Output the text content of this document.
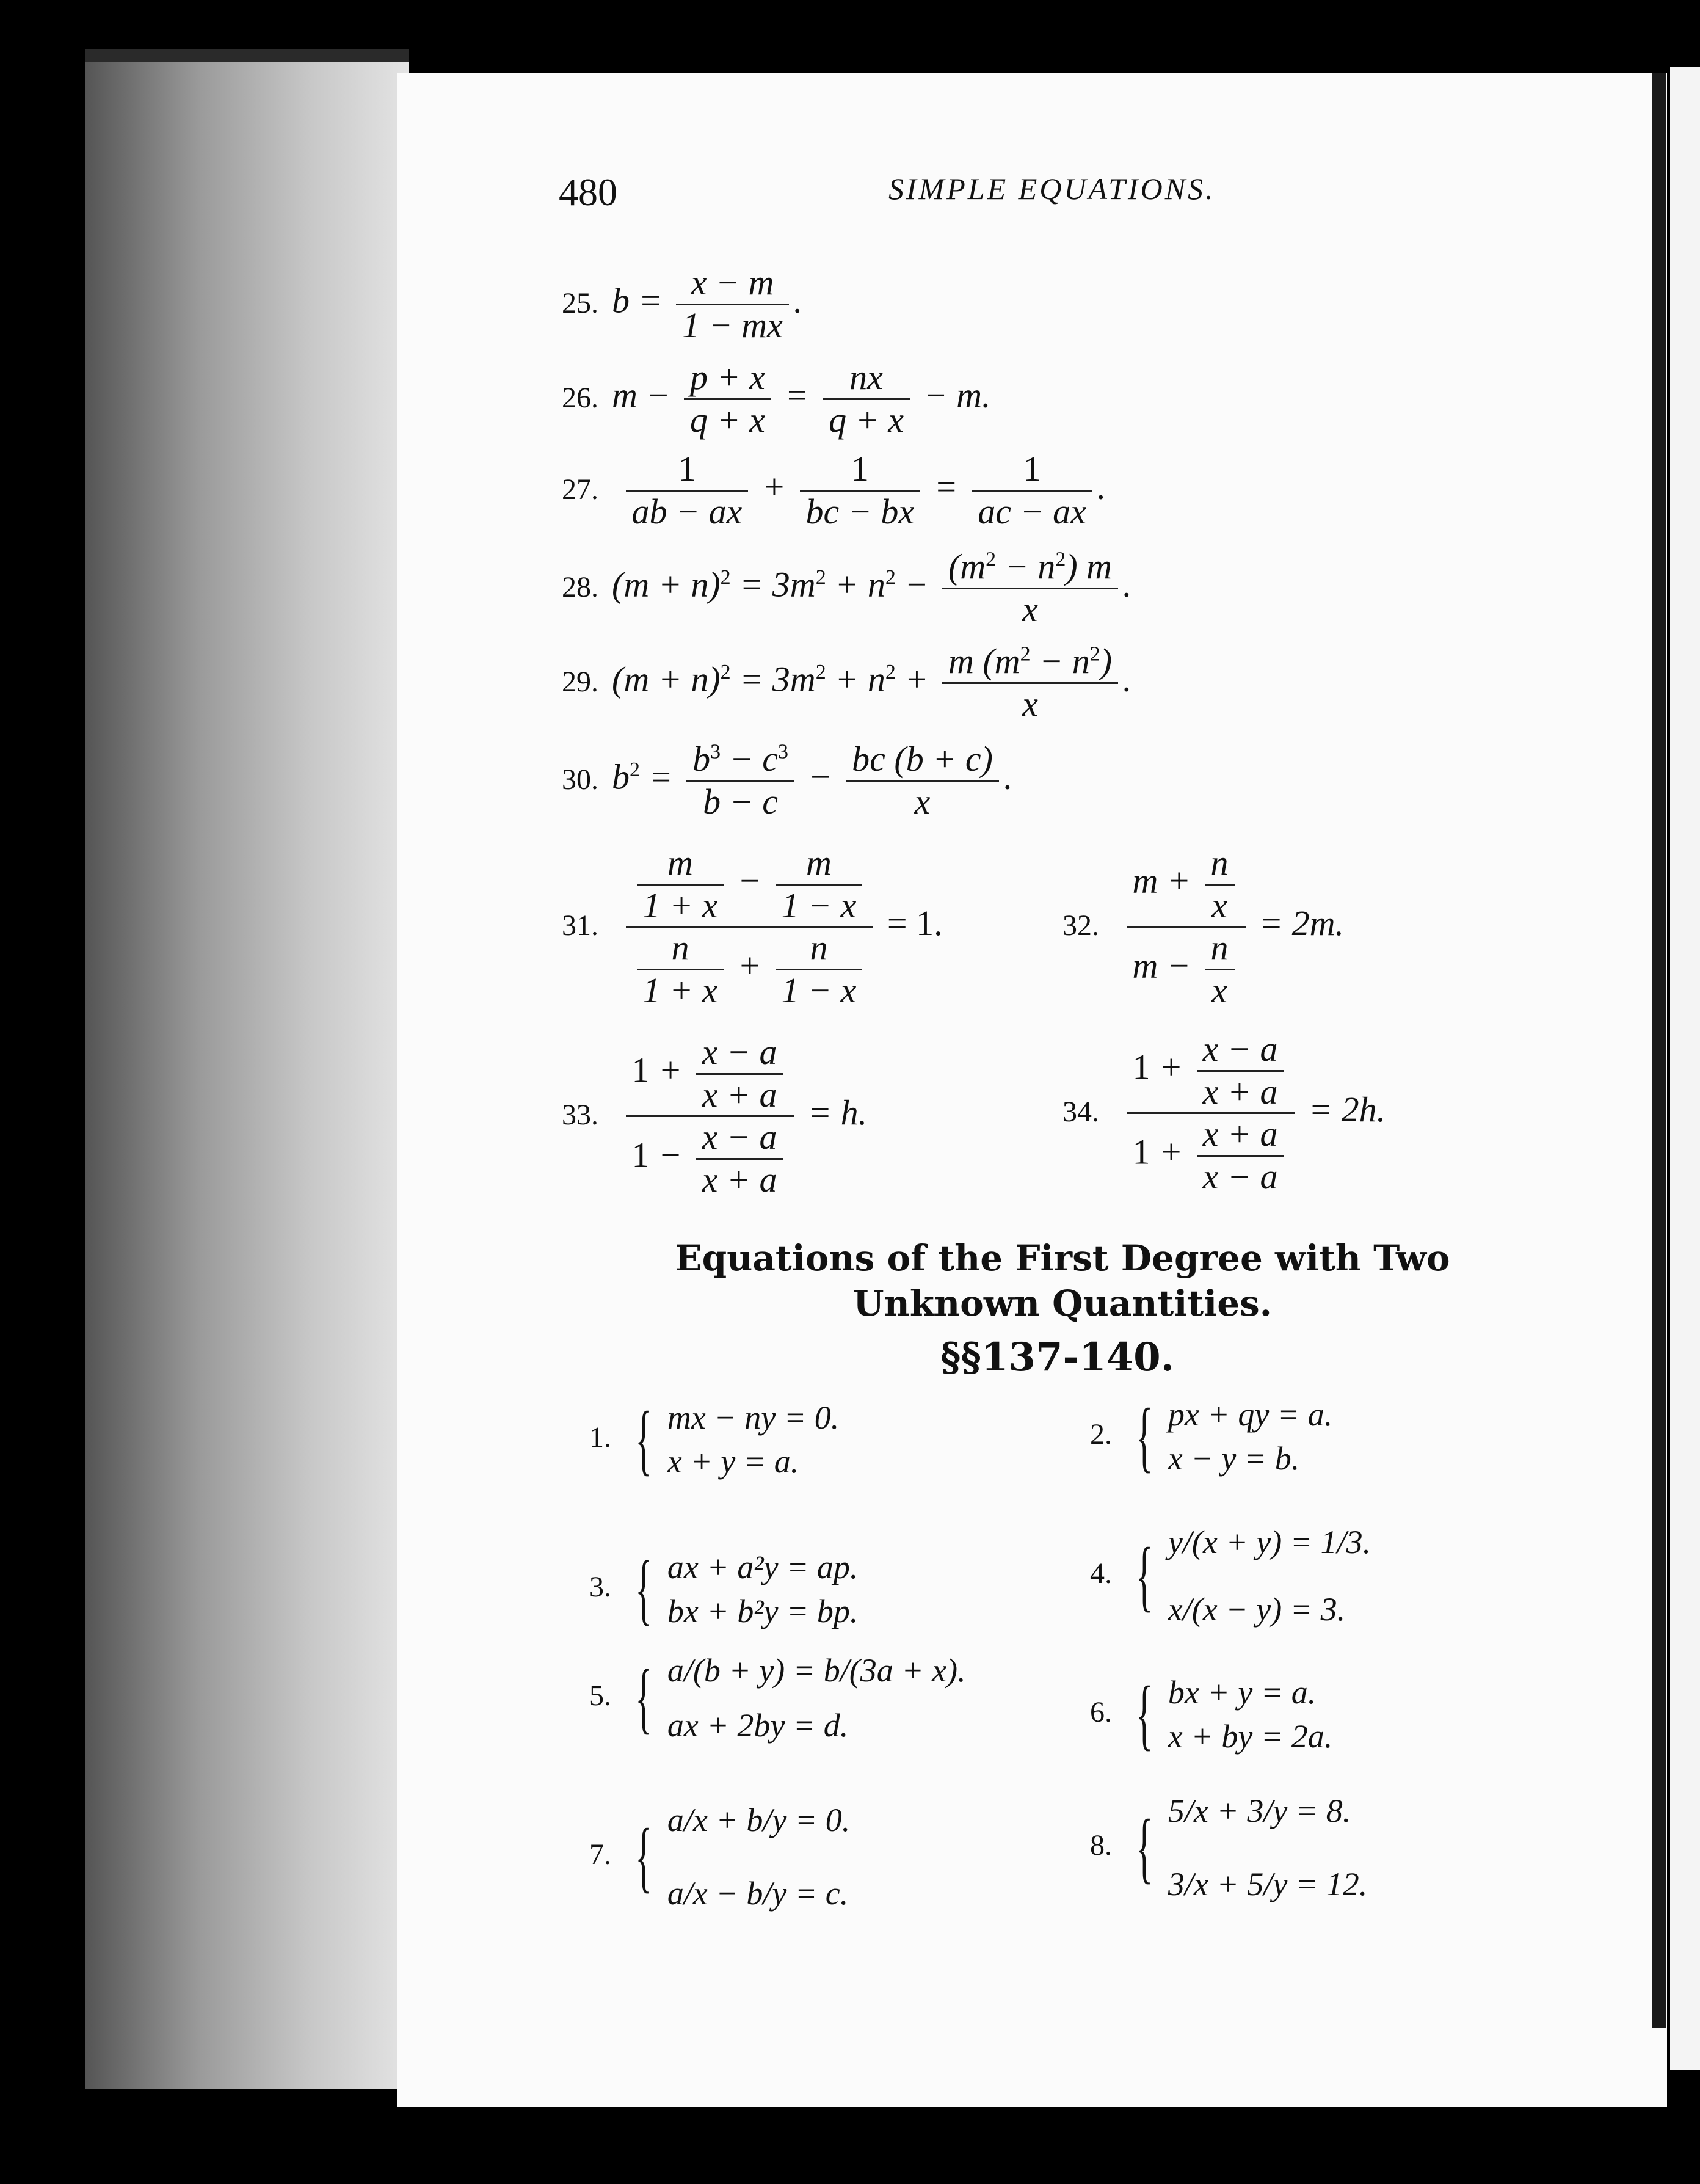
480	SIMPLE EQUATIONS.
25. $b = \frac{x - m}{1 - mx}$ .
26. $m - \frac{p + x}{q + x} = \frac{nx}{q + x} - m$.
27. $\frac{1}{ab - ax} + \frac{1}{bc - bx} = \frac{1}{ac - ax}$ .
28. $(m + n)^2 = 3m^2 + n^2 - \frac{(m^2 - n^2) m}{x}$ .
29. $(m + n)^2 = 3m^2 + n^2 + \frac{m (m^2 - n^2)}{x}$ .
30. $b^2 = \frac{b^3 - c^3}{b - c} - \frac{bc (b + c)}{x}$ .
31. $\frac{\frac{m}{1 + x} - \frac{m}{1 - x}}{\frac{n}{1 + x} + \frac{n}{1 - x}} = 1$.	32. $\frac{m + \frac{n}{x}}{m - \frac{n}{x}} = 2m$.
33. $\frac{1 + \frac{x - a}{x + a}}{1 - \frac{x - a}{x + a}} = h$.	34. $\frac{1 + \frac{x - a}{x + a}}{1 + \frac{x + a}{x - a}} = 2h$.
Equations of the First Degree with Two
Unknown Quantities.
§§137-140.
1. { mx − ny = 0.
x + y = a.
2. { px + qy = a.
x − y = b.
3. { ax + a²y = ap.
bx + b²y = bp.
4. { y/(x + y) = 1/3.
x/(x − y) = 3.
5. { a/(b + y) = b/(3a + x).
ax + 2by = d.	6. { bx + y = a.
x + by = 2a.
7. { a/x + b/y = 0.
a/x − b/y = c.
8. { 5/x + 3/y = 8.
3/x + 5/y = 12.
